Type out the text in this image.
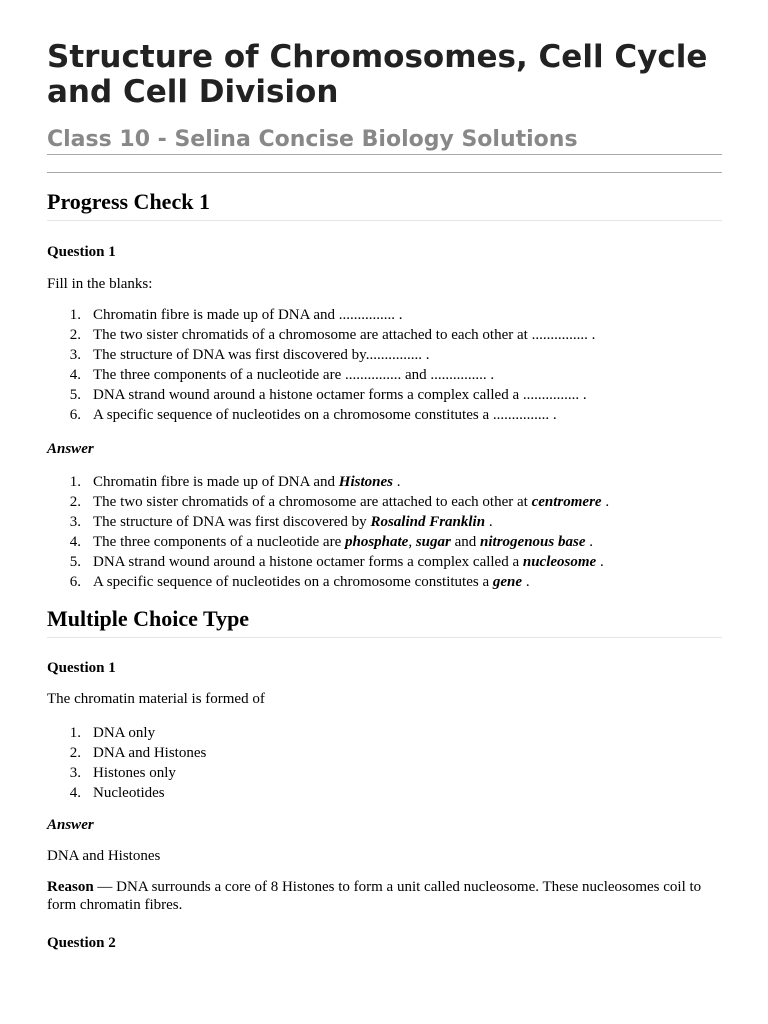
Structure of Chromosomes, Cell Cycle and Cell Division
Class 10 - Selina Concise Biology Solutions
Progress Check 1
Question 1
Fill in the blanks:
1. Chromatin fibre is made up of DNA and ............... .
2. The two sister chromatids of a chromosome are attached to each other at ............... .
3. The structure of DNA was first discovered by............... .
4. The three components of a nucleotide are ............... and ............... .
5. DNA strand wound around a histone octamer forms a complex called a ............... .
6. A specific sequence of nucleotides on a chromosome constitutes a ............... .
Answer
1. Chromatin fibre is made up of DNA and Histones .
2. The two sister chromatids of a chromosome are attached to each other at centromere .
3. The structure of DNA was first discovered by Rosalind Franklin .
4. The three components of a nucleotide are phosphate, sugar and nitrogenous base .
5. DNA strand wound around a histone octamer forms a complex called a nucleosome .
6. A specific sequence of nucleotides on a chromosome constitutes a gene .
Multiple Choice Type
Question 1
The chromatin material is formed of
1. DNA only
2. DNA and Histones
3. Histones only
4. Nucleotides
Answer
DNA and Histones
Reason — DNA surrounds a core of 8 Histones to form a unit called nucleosome. These nucleosomes coil to form chromatin fibres.
Question 2
